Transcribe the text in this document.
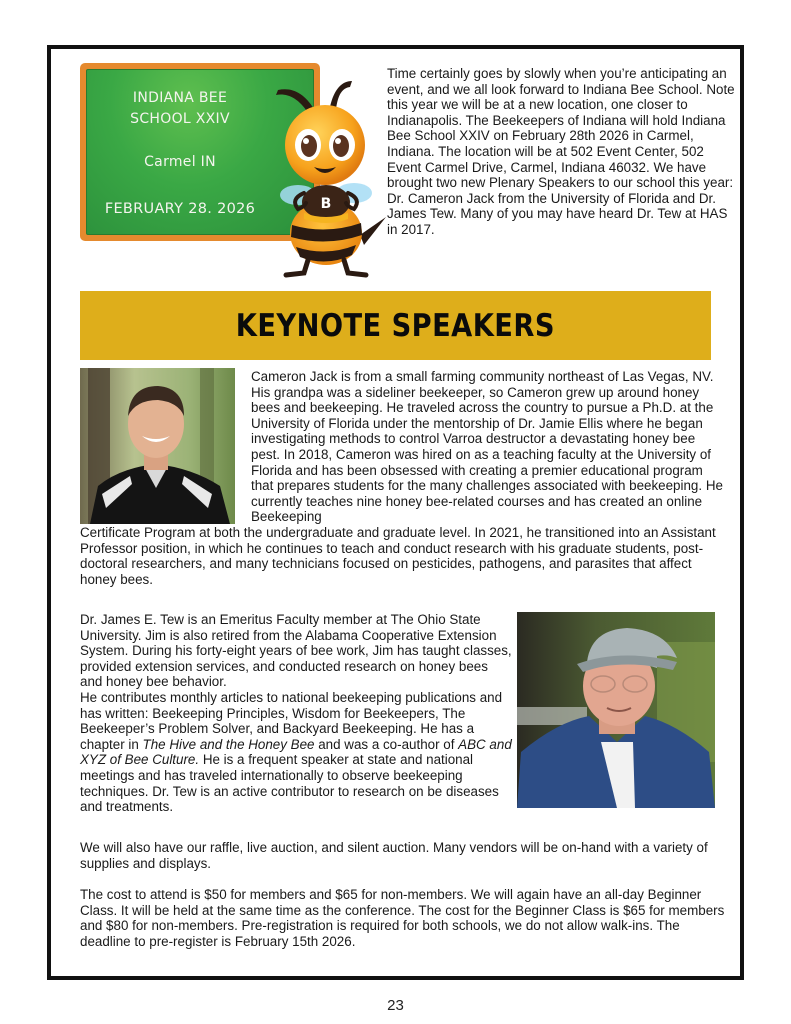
INDIANA BEE
SCHOOL XXIV
Carmel IN
FEBRUARY 28. 2026	B
Time certainly goes by slowly when you’re anticipating an event, and we all look forward to Indiana Bee School. Note this year we will be at a new location, one closer to Indianapolis. The Beekeepers of Indiana will hold Indiana Bee School XXIV on February 28th 2026 in Carmel, Indiana. The location will be at 502 Event Center, 502 Event Carmel Drive, Carmel, Indiana 46032. We have brought two new Plenary Speakers to our school this year: Dr. Cameron Jack from the University of Florida and Dr. James Tew. Many of you may have heard Dr. Tew at HAS in 2017.
KEYNOTE SPEAKERS
Cameron Jack is from a small farming community northeast of Las Vegas, NV. His grandpa was a sideliner beekeeper, so Cameron grew up around honey bees and beekeeping. He traveled across the country to pursue a Ph.D. at the University of Florida under the mentorship of Dr. Jamie Ellis where he began investigating methods to control Varroa destructor a devastating honey bee pest. In 2018, Cameron was hired on as a teaching faculty at the University of Florida and has been obsessed with creating a premier educational program that prepares students for the many challenges associated with beekeeping. He currently teaches nine honey bee-related courses and has created an online Beekeeping
Certificate Program at both the undergraduate and graduate level. In 2021, he transitioned into an Assistant Professor position, in which he continues to teach and conduct research with his graduate students, post-doctoral researchers, and many technicians focused on pesticides, pathogens, and parasites that affect honey bees.
Dr. James E. Tew is an Emeritus Faculty member at The Ohio State University. Jim is also retired from the Alabama Cooperative Extension System. During his forty-eight years of bee work, Jim has taught classes, provided extension services, and conducted research on honey bees and honey bee behavior.
He contributes monthly articles to national beekeeping publications and has written: Beekeeping Principles, Wisdom for Beekeepers, The Beekeeper’s Problem Solver, and Backyard Beekeeping. He has a chapter in The Hive and the Honey Bee and was a co-author of ABC and XYZ of Bee Culture. He is a frequent speaker at state and national meetings and has traveled internationally to observe beekeeping techniques. Dr. Tew is an active contributor to research on be diseases and treatments.
We will also have our raffle, live auction, and silent auction. Many vendors will be on-hand with a variety of supplies and displays.
The cost to attend is $50 for members and $65 for non-members. We will again have an all-day Beginner Class. It will be held at the same time as the conference. The cost for the Beginner Class is $65 for members and $80 for non-members. Pre-registration is required for both schools, we do not allow walk-ins. The deadline to pre-register is February 15th 2026.
23
